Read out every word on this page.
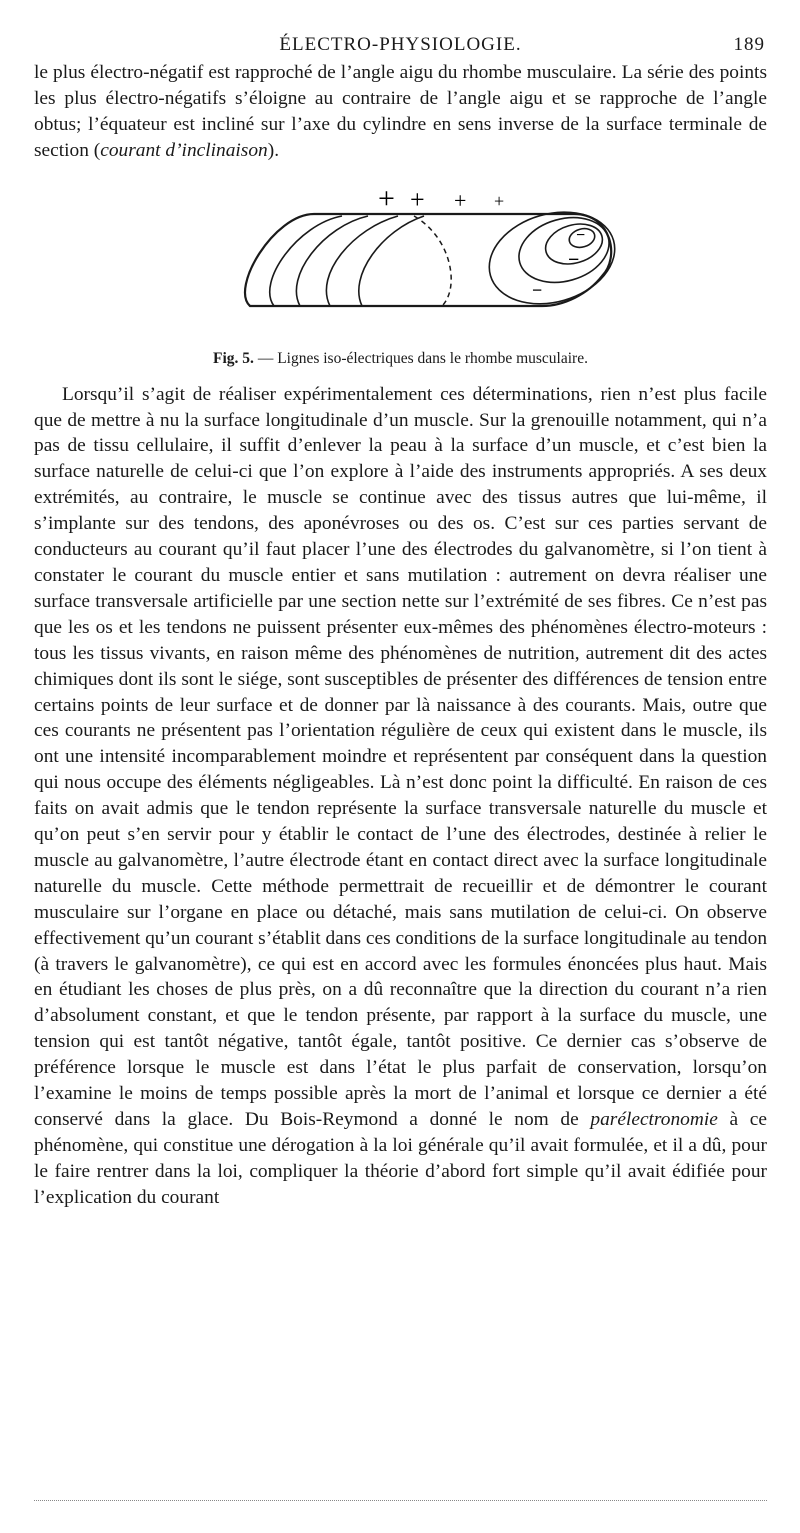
ÉLECTRO-PHYSIOLOGIE.	189

le plus électro-négatif est rapproché de l’angle aigu du rhombe musculaire. La série des points les plus électro-négatifs s’éloigne au contraire de l’angle aigu et se rapproche de l’angle obtus; l’équateur est incliné sur l’axe du cylindre en sens inverse de la surface terminale de section (courant d’inclinaison).

+ + + +
−
−
−
Fig. 5. — Lignes iso-électriques dans le rhombe musculaire.

Lorsqu’il s’agit de réaliser expérimentalement ces déterminations, rien n’est plus facile que de mettre à nu la surface longitudinale d’un muscle. Sur la grenouille notamment, qui n’a pas de tissu cellulaire, il suffit d’enlever la peau à la surface d’un muscle, et c’est bien la surface naturelle de celui-ci que l’on explore à l’aide des instruments appropriés. A ses deux extrémités, au contraire, le muscle se continue avec des tissus autres que lui-même, il s’implante sur des tendons, des aponévroses ou des os. C’est sur ces parties servant de conducteurs au courant qu’il faut placer l’une des électrodes du galvanomètre, si l’on tient à constater le courant du muscle entier et sans mutilation : autrement on devra réaliser une surface transversale artificielle par une section nette sur l’extrémité de ses fibres. Ce n’est pas que les os et les tendons ne puissent présenter eux-mêmes des phénomènes électro-moteurs : tous les tissus vivants, en raison même des phénomènes de nutrition, autrement dit des actes chimiques dont ils sont le siége, sont susceptibles de présenter des différences de tension entre certains points de leur surface et de donner par là naissance à des courants. Mais, outre que ces courants ne présentent pas l’orientation régulière de ceux qui existent dans le muscle, ils ont une intensité incomparablement moindre et représentent par conséquent dans la question qui nous occupe des éléments négligeables. Là n’est donc point la difficulté. En raison de ces faits on avait admis que le tendon représente la surface transversale naturelle du muscle et qu’on peut s’en servir pour y établir le contact de l’une des électrodes, destinée à relier le muscle au galvanomètre, l’autre électrode étant en contact direct avec la surface longitudinale naturelle du muscle. Cette méthode permettrait de recueillir et de démontrer le courant musculaire sur l’organe en place ou détaché, mais sans mutilation de celui-ci. On observe effectivement qu’un courant s’établit dans ces conditions de la surface longitudinale au tendon (à travers le galvanomètre), ce qui est en accord avec les formules énoncées plus haut. Mais en étudiant les choses de plus près, on a dû reconnaître que la direction du courant n’a rien d’absolument constant, et que le tendon présente, par rapport à la surface du muscle, une tension qui est tantôt négative, tantôt égale, tantôt positive. Ce dernier cas s’observe de préférence lorsque le muscle est dans l’état le plus parfait de conservation, lorsqu’on l’examine le moins de temps possible après la mort de l’animal et lorsque ce dernier a été conservé dans la glace. Du Bois-Reymond a donné le nom de parélectronomie à ce phénomène, qui constitue une dérogation à la loi générale qu’il avait formulée, et il a dû, pour le faire rentrer dans la loi, compliquer la théorie d’abord fort simple qu’il avait édifiée pour l’explication du courant
